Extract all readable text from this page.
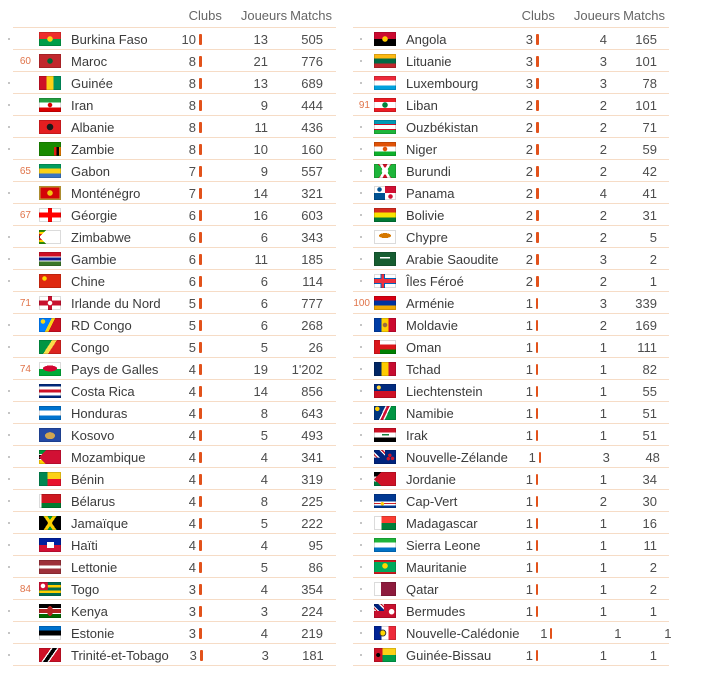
Clubs Joueurs Matchs
Burkina Faso	10	13	505
60	Maroc	8	21	776
Guinée	8	13	689
Iran	8	9	444
Albanie	8	11	436
Zambie	8	10	160
65	Gabon	7	9	557
Monténégro	7	14	321
67	Géorgie	6	16	603
Zimbabwe	6	6	343
Gambie	6	11	185
Chine	6	6	114
71	Irlande du Nord	5	6	777
RD Congo	5	6	268
Congo	5	5	26
74	Pays de Galles	4	19	1'202
Costa Rica	4	14	856
Honduras	4	8	643
Kosovo	4	5	493
Mozambique	4	4	341
Bénin	4	4	319
Bélarus	4	8	225
Jamaïque	4	5	222
Haïti	4	4	95
Lettonie	4	5	86
84	Togo	3	4	354
Kenya	3	3	224
Estonie	3	4	219
Trinité-et-Tobago	3	3	181
Clubs Joueurs Matchs
Angola	3	4	165
Lituanie	3	3	101
Luxembourg	3	3	78
91	Liban	2	2	101
Ouzbékistan	2	2	71
Niger	2	2	59
Burundi	2	2	42
Panama	2	4	41
Bolivie	2	2	31
Chypre	2	2	5
Arabie Saoudite	2	3	2
Îles Féroé	2	2	1
100	Arménie	1	3	339
Moldavie	1	2	169
Oman	1	1	111
Tchad	1	1	82
Liechtenstein	1	1	55
Namibie	1	1	51
Irak	1	1	51
Nouvelle-Zélande	1	3	48
Jordanie	1	1	34
Cap-Vert	1	2	30
Madagascar	1	1	16
Sierra Leone	1	1	11
Mauritanie	1	1	2
Qatar	1	1	2
Bermudes	1	1	1
Nouvelle-Calédonie	1	1	1
Guinée-Bissau	1	1	1
